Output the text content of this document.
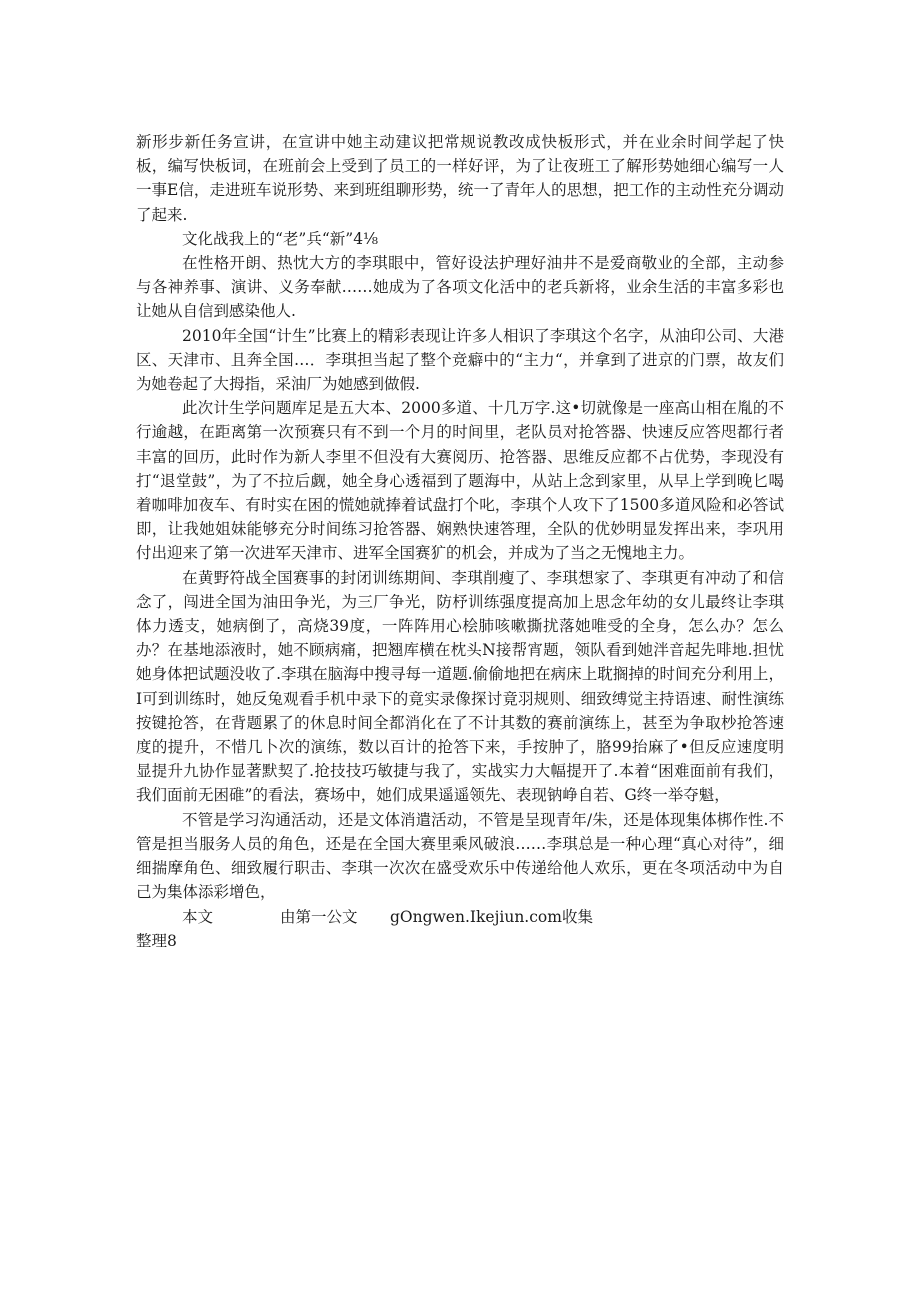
新形步新任务宣讲，在宣讲中她主动建议把常规说教改成快板形式，并在业余时间学起了快板，编写快板词，在班前会上受到了员工的一样好评，为了让夜班工了解形势她细心编写一人一事E信，走进班车说形势、来到班组聊形势，统一了青年人的思想，把工作的主动性充分调动了起来.

文化战我上的“老”兵“新”4⅛

在性格开朗、热忱大方的李琪眼中，管好设法护理好油井不是爱商敬业的全部，主动参与各神养事、演讲、义务奉献……她成为了各项文化活中的老兵新将，业余生活的丰富多彩也让她从自信到感染他人.

2010年全国“计生”比赛上的精彩表现让许多人相识了李琪这个名字，从油印公司、大港区、天津市、且奔全国…．李琪担当起了整个竞癖中的“主力“，并拿到了进京的门票，故友们为她卷起了大拇指，采油厂为她感到做假.

此次计生学问题库足是五大本、2000多道、十几万字.这•切就像是一座高山相在胤的不行逾越，在距离第一次预赛只有不到一个月的时间里，老队员对抢答器、快速反应答咫都行者丰富的回历，此时作为新人李里不但没有大赛阅历、抢答器、思维反应都不占优势，李现没有打“退堂鼓”，为了不拉后觑，她全身心透福到了题海中，从站上念到家里，从早上学到晚匕喝着咖啡加夜车、有时实在困的慌她就捧着试盘打个叱，李琪个人攻下了1500多道风险和必答试即，让我她姐妹能够充分时间练习抢答器、娴熟快速答理，全队的优妙明显发挥出来，李巩用付出迎来了第一次进军天津市、进军全国赛犷的机会，并成为了当之无愧地主力。

在黄野符战全国赛事的封闭训练期间、李琪削瘦了、李琪想家了、李琪更有冲动了和信念了，闯进全国为油田争光，为三厂争光，防杼训练强度提高加上思念年幼的女儿最终让李琪体力透支，她病倒了，高烧39度，一阵阵用心桧肺咳嗽撕扰落她唯受的全身，怎么办？怎么办？在基地添液时，她不顾病痛，把翘库横在枕头N接帮宵题，领队看到她泮音起先啡地.担忧她身体把试题没收了.李琪在脑海中搜寻每一道题.偷偷地把在病床上耽搁掉的时间充分利用上，I可到训练时，她反兔观看手机中录下的竟实录像探讨竟羽规则、细致缚觉主持语速、耐性演练按键抢答，在背题累了的休息时间全都消化在了不计其数的赛前演练上，甚至为争取杪抢答速度的提升，不惜几卜次的演练，数以百计的抢答下来，手按肿了，胳99抬麻了•但反应速度明显提升九协作显著默契了.抢技技巧敏捷与我了，实战实力大幅提开了.本着“困难面前有我们，我们面前无困碓”的看法，赛场中，她们成果遥遥领先、表现钠峥自若、G终一举夺魁，

不管是学习沟通活动，还是文体消遣活动，不管是呈现青年/朱，还是体现集体梆作性.不管是担当服务人员的角色，还是在全国大赛里乘风破浪……李琪总是一种心理“真心对待”，细细揣摩角色、细致履行职击、李琪一次次在盛受欢乐中传递给他人欢乐，更在冬项活动中为自己为集体添彩增色，

本文	由第一公文 gOngwen.Ikejiun.com收集

整理8
